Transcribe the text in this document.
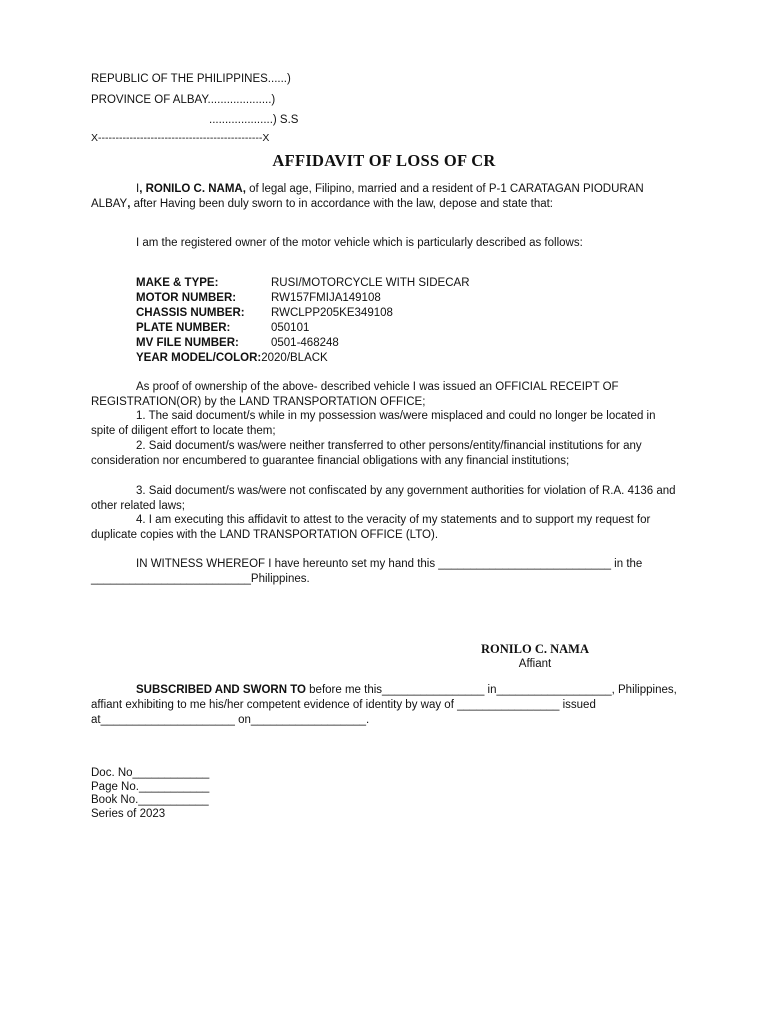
REPUBLIC OF THE PHILIPPINES......)
PROVINCE OF ALBAY....................)
....................) S.S
X-----------------------------------------------X
AFFIDAVIT OF LOSS OF CR
I, RONILO C. NAMA, of legal age, Filipino, married and a resident of P-1 CARATAGAN PIODURAN ALBAY, after Having been duly sworn to in accordance with the law, depose and state that:
I am the registered owner of the motor vehicle which is particularly described as follows:
MAKE & TYPE:	RUSI/MOTORCYCLE WITH SIDECAR
MOTOR NUMBER:	RW157FMIJA149108
CHASSIS NUMBER: RWCLPP205KE349108
PLATE NUMBER:	050101
MV FILE NUMBER:	0501-468248
YEAR MODEL/COLOR:2020/BLACK
As proof of ownership of the above- described vehicle I was issued an OFFICIAL RECEIPT OF REGISTRATION(OR) by the LAND TRANSPORTATION OFFICE;
1. The said document/s while in my possession was/were misplaced and could no longer be located in spite of diligent effort to locate them;
2. Said document/s was/were neither transferred to other persons/entity/financial institutions for any consideration nor encumbered to guarantee financial obligations with any financial institutions;
3. Said document/s was/were not confiscated by any government authorities for violation of R.A. 4136 and other related laws;
4. I am executing this affidavit to attest to the veracity of my statements and to support my request for duplicate copies with the LAND TRANSPORTATION OFFICE (LTO).
IN WITNESS WHEREOF I have hereunto set my hand this ___________________________ in the _________________________Philippines.
RONILO C. NAMA
Affiant
SUBSCRIBED AND SWORN TO before me this________________ in__________________, Philippines, affiant exhibiting to me his/her competent evidence of identity by way of ________________ issued at_____________________ on__________________.
Doc. No____________
Page No.___________
Book No.___________
Series of 2023
